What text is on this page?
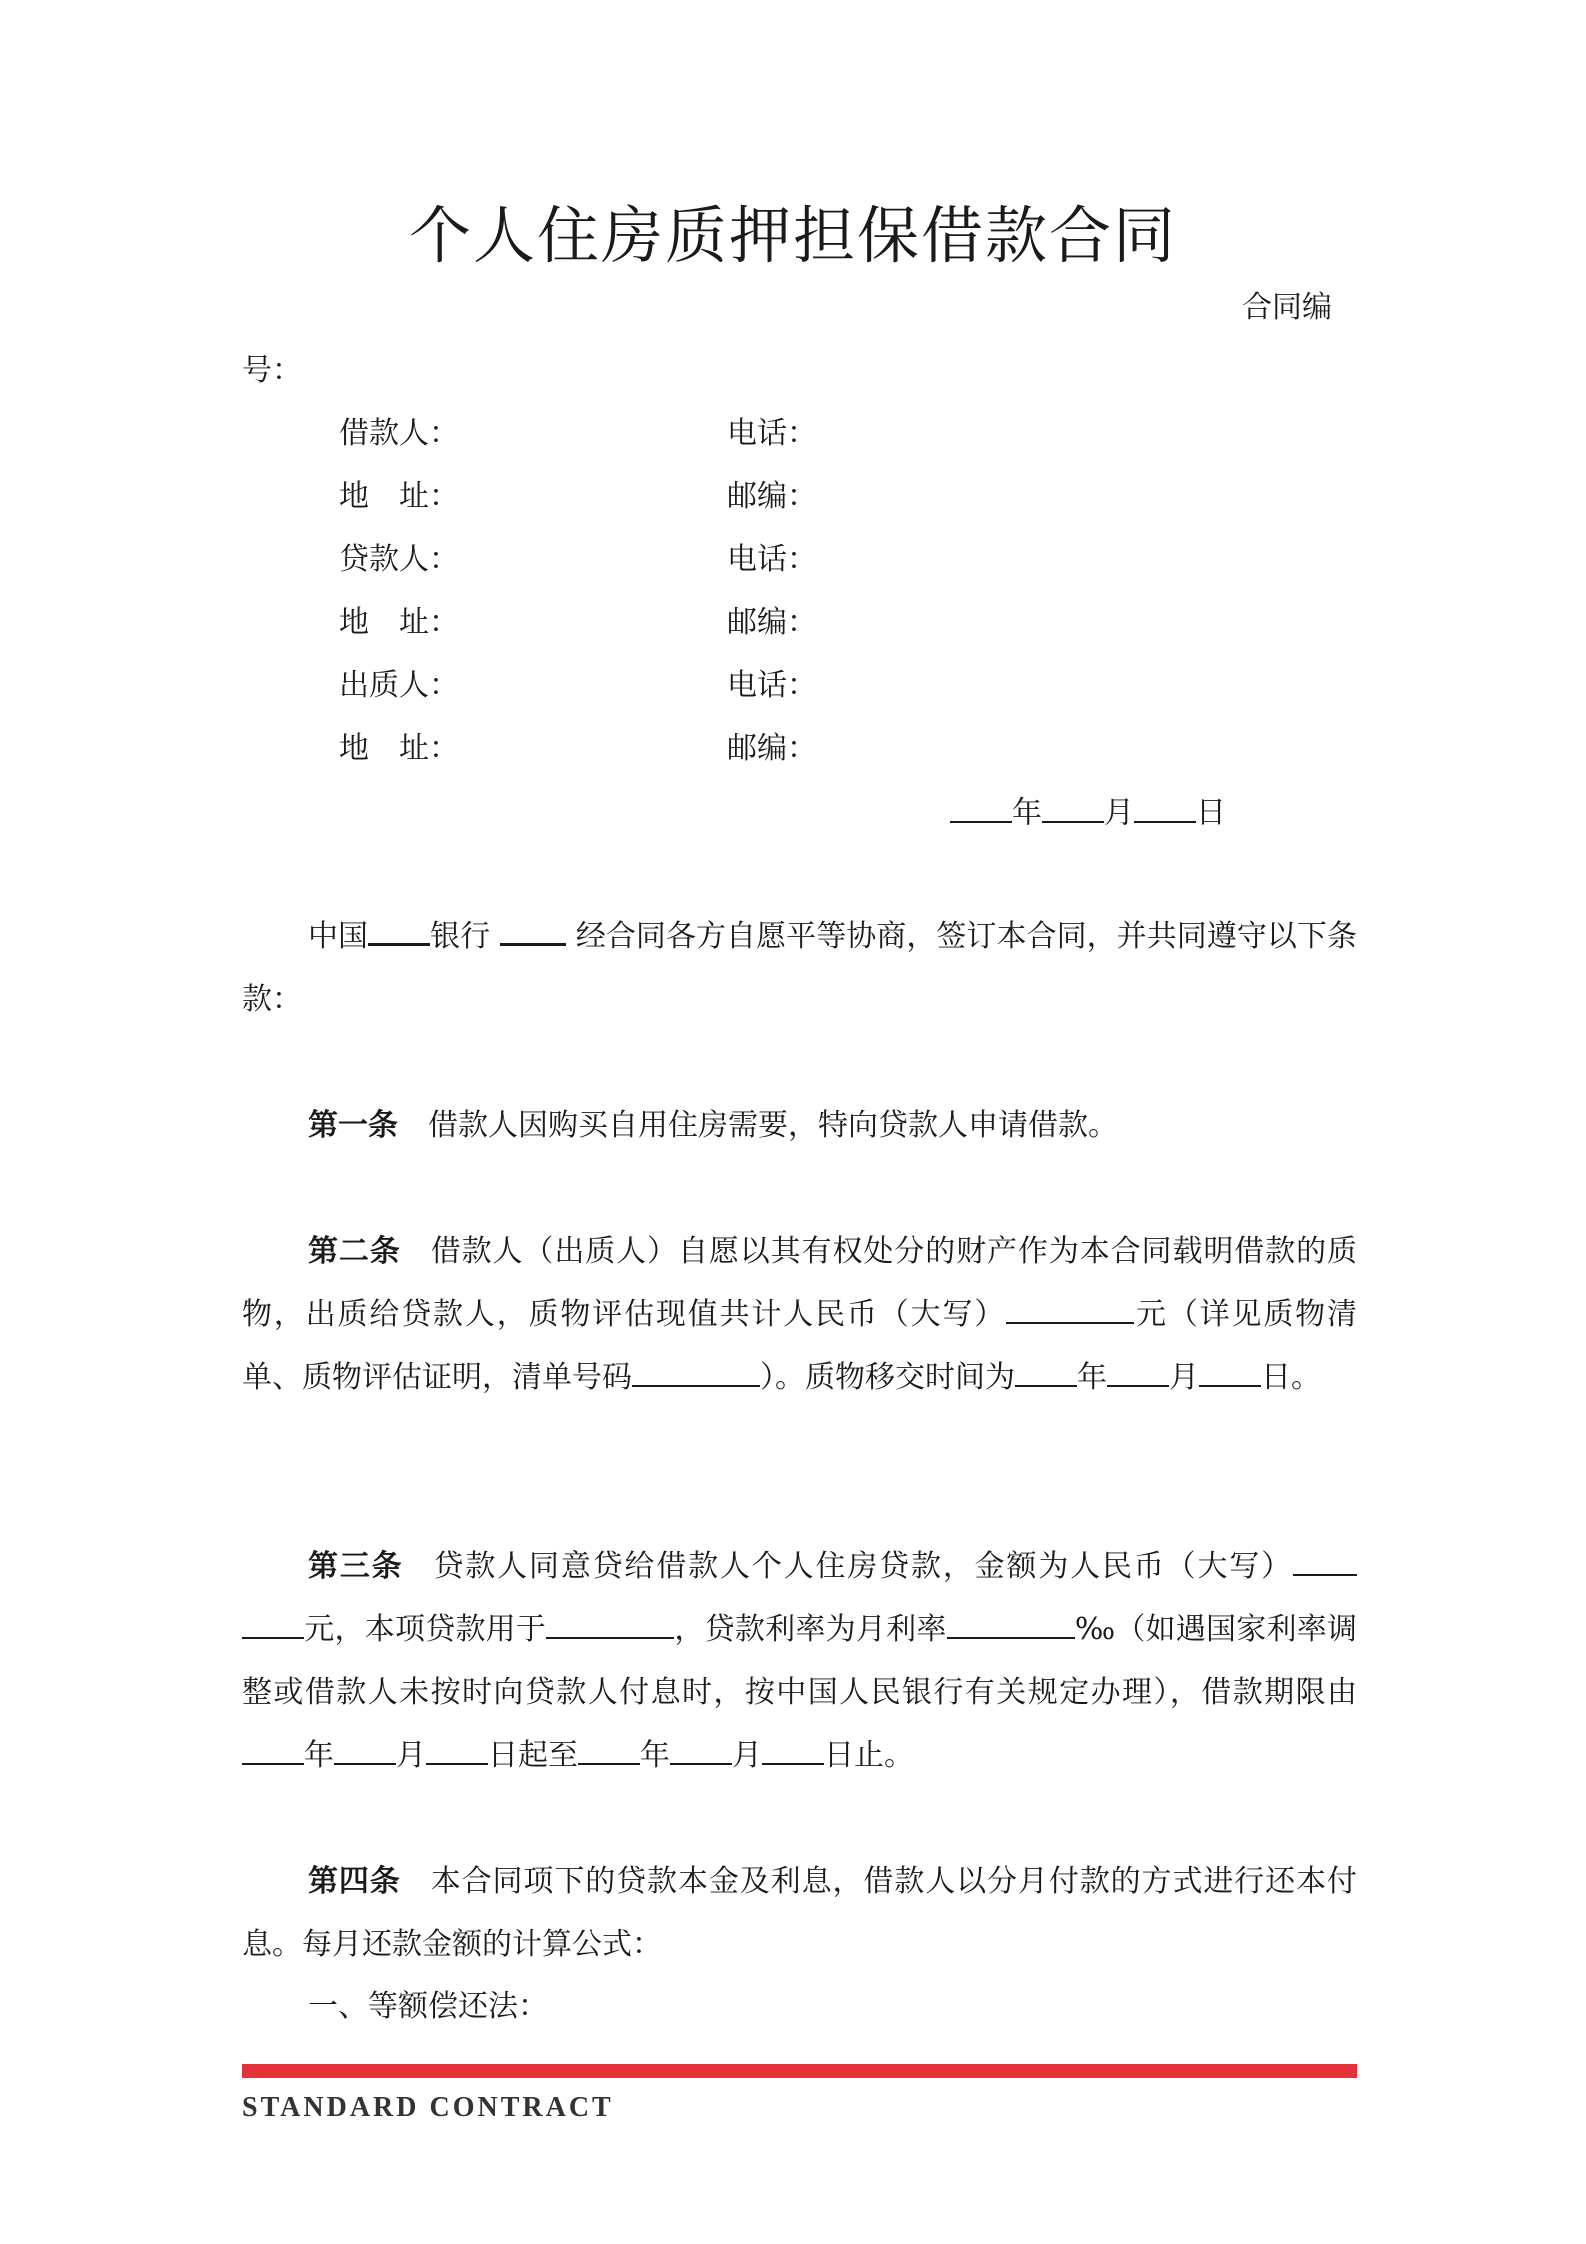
个人住房质押担保借款合同
合同编
号：
借款人：	电话：
地　址：	邮编：
贷款人：	电话：
地　址：	邮编：
出质人：	电话：
地　址：	邮编：
年 月 日
中国 银行	经合同各方自愿平等协商，签订本合同，并共同遵守以下条款：
第一条 借款人因购买自用住房需要，特向贷款人申请借款。
第二条 借款人（出质人）自愿以其有权处分的财产作为本合同载明借款的质物，出质给贷款人，质物评估现值共计人民币（大写）	元（详见质物清单、质物评估证明，清单号码	）。质物移交时间为 年 月 日。
第三条 贷款人同意贷给借款人个人住房贷款，金额为人民币（大写） 元，本项贷款用于	，贷款利率为月利率	‰（如遇国家利率调整或借款人未按时向贷款人付息时，按中国人民银行有关规定办理），借款期限由年 月 日起至 年 月 日止。
第四条 本合同项下的贷款本金及利息，借款人以分月付款的方式进行还本付息。每月还款金额的计算公式：
一、等额偿还法：
STANDARD CONTRACT
